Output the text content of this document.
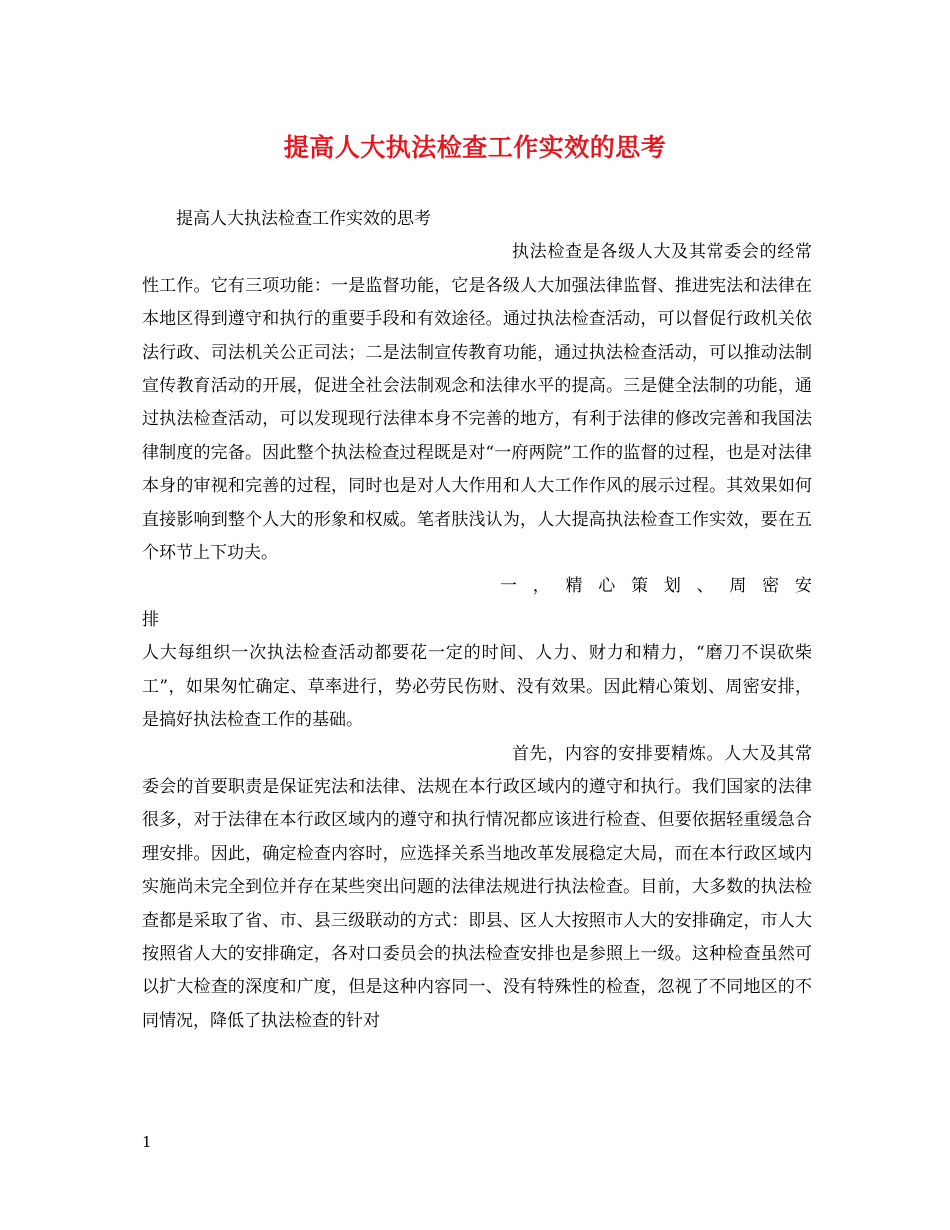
提高人大执法检查工作实效的思考

提高人大执法检查工作实效的思考

执法检查是各级人大及其常委会的经常性工作。它有三项功能：一是监督功能，它是各级人大加强法律监督、推进宪法和法律在本地区得到遵守和执行的重要手段和有效途径。通过执法检查活动，可以督促行政机关依法行政、司法机关公正司法；二是法制宣传教育功能，通过执法检查活动，可以推动法制宣传教育活动的开展，促进全社会法制观念和法律水平的提高。三是健全法制的功能，通过执法检查活动，可以发现现行法律本身不完善的地方，有利于法律的修改完善和我国法律制度的完备。因此整个执法检查过程既是对“一府两院”工作的监督的过程，也是对法律本身的审视和完善的过程，同时也是对人大作用和人大工作作风的展示过程。其效果如何直接影响到整个人大的形象和权威。笔者肤浅认为，人大提高执法检查工作实效，要在五个环节上下功夫。

一 ， 精 心 策 划 、 周 密 安

排

人大每组织一次执法检查活动都要花一定的时间、人力、财力和精力，“磨刀不误砍柴工”，如果匆忙确定、草率进行，势必劳民伤财、没有效果。因此精心策划、周密安排，是搞好执法检查工作的基础。

首先，内容的安排要精炼。人大及其常委会的首要职责是保证宪法和法律、法规在本行政区域内的遵守和执行。我们国家的法律很多，对于法律在本行政区域内的遵守和执行情况都应该进行检查、但要依据轻重缓急合理安排。因此，确定检查内容时，应选择关系当地改革发展稳定大局，而在本行政区域内实施尚未完全到位并存在某些突出问题的法律法规进行执法检查。目前，大多数的执法检查都是采取了省、市、县三级联动的方式：即县、区人大按照市人大的安排确定，市人大按照省人大的安排确定，各对口委员会的执法检查安排也是参照上一级。这种检查虽然可以扩大检查的深度和广度，但是这种内容同一、没有特殊性的检查，忽视了不同地区的不同情况，降低了执法检查的针对

1
